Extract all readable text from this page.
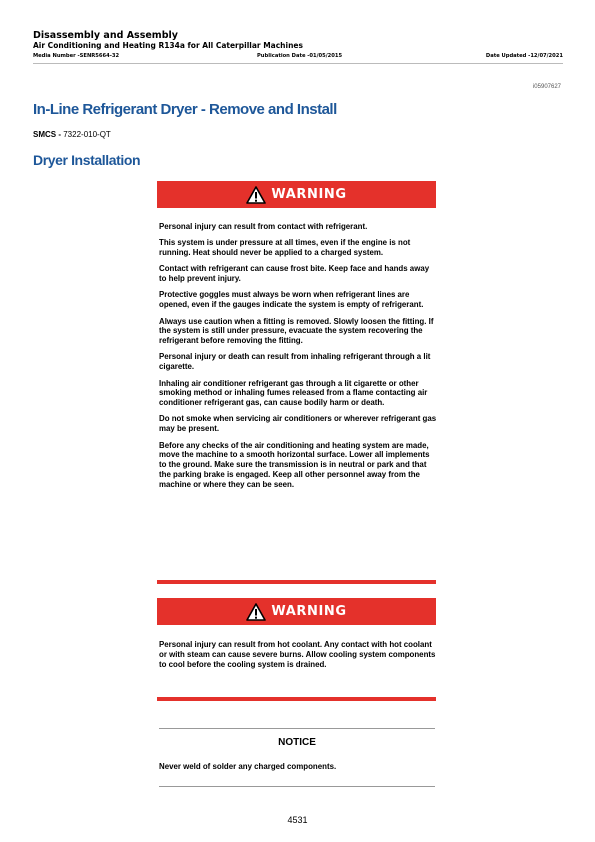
Disassembly and Assembly
Air Conditioning and Heating R134a for All Caterpillar Machines
Media Number -SENR5664-32	Publication Date -01/05/2015	Date Updated -12/07/2021
i05907627
In-Line Refrigerant Dryer - Remove and Install
SMCS - 7322-010-QT
Dryer Installation
WARNING

Personal injury can result from contact with refrigerant.

This system is under pressure at all times, even if the engine is not running. Heat should never be applied to a charged system.

Contact with refrigerant can cause frost bite. Keep face and hands away to help prevent injury.

Protective goggles must always be worn when refrigerant lines are opened, even if the gauges indicate the system is empty of refrigerant.

Always use caution when a fitting is removed. Slowly loosen the fitting. If the system is still under pressure, evacuate the system recovering the refrigerant before removing the fitting.

Personal injury or death can result from inhaling refrigerant through a lit cigarette.

Inhaling air conditioner refrigerant gas through a lit cigarette or other smoking method or inhaling fumes released from a flame contacting air conditioner refrigerant gas, can cause bodily harm or death.

Do not smoke when servicing air conditioners or wherever refrigerant gas may be present.

Before any checks of the air conditioning and heating system are made, move the machine to a smooth horizontal surface. Lower all implements to the ground. Make sure the transmission is in neutral or park and that the parking brake is engaged. Keep all other personnel away from the machine or where they can be seen.

WARNING

Personal injury can result from hot coolant. Any contact with hot coolant or with steam can cause severe burns. Allow cooling system components to cool before the cooling system is drained.

NOTICE
Never weld of solder any charged components.
4531
